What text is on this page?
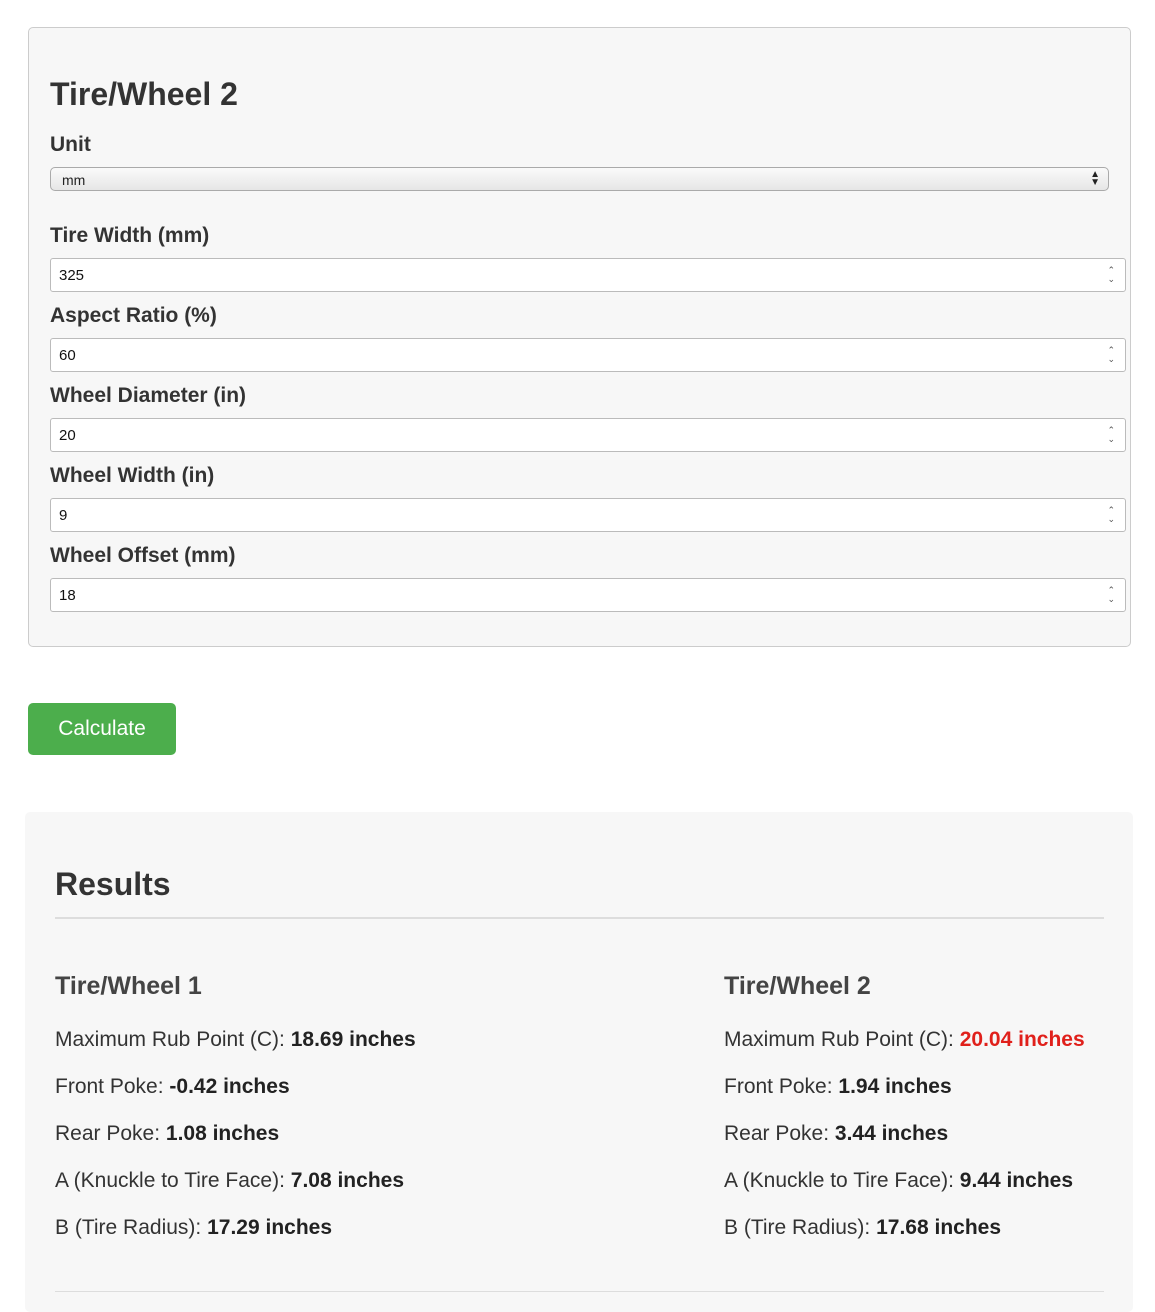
Tire/Wheel 2
Unit
mm	▲
▼
Tire Width (mm)
325	⌃
⌄
Aspect Ratio (%)
60	⌃
⌄
Wheel Diameter (in)
20	⌃
⌄
Wheel Width (in)
9	⌃
⌄
Wheel Offset (mm)
18	⌃
⌄
Calculate
Results
Tire/Wheel 1
Maximum Rub Point (C): 18.69 inches
Front Poke: -0.42 inches
Rear Poke: 1.08 inches
A (Knuckle to Tire Face): 7.08 inches
B (Tire Radius): 17.29 inches
Tire/Wheel 2
Maximum Rub Point (C): 20.04 inches
Front Poke: 1.94 inches
Rear Poke: 3.44 inches
A (Knuckle to Tire Face): 9.44 inches
B (Tire Radius): 17.68 inches
